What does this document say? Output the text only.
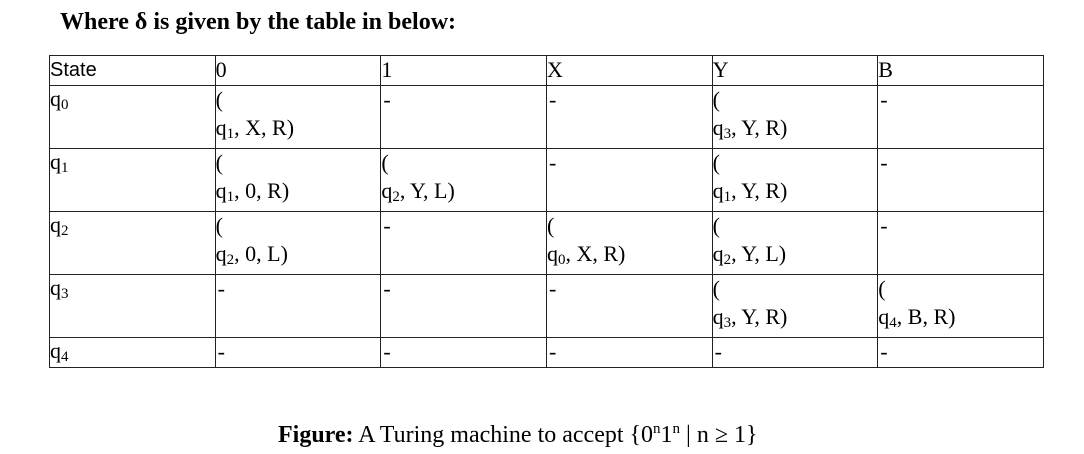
Where δ is given by the table in below:
State	0	1	X	Y	B
$q_0$	(
$q_1$, X, R)	-	-	(
$q_3$, Y, R)	-

$q_1$	(
$q_1$, 0, R)	(
$q_2$, Y, L)	-	(
$q_1$, Y, R)	-

$q_2$	(
$q_2$, 0, L)	-	(
$q_0$, X, R)	(
$q_2$, Y, L)	-

$q_3$	-	-	-	(
$q_3$, Y, R)	(
$q_4$, B, R)

$q_4$	-	-	-	-	-
Figure: A Turing machine to accept {0$^n$1$^n$ | n ≥ 1}
